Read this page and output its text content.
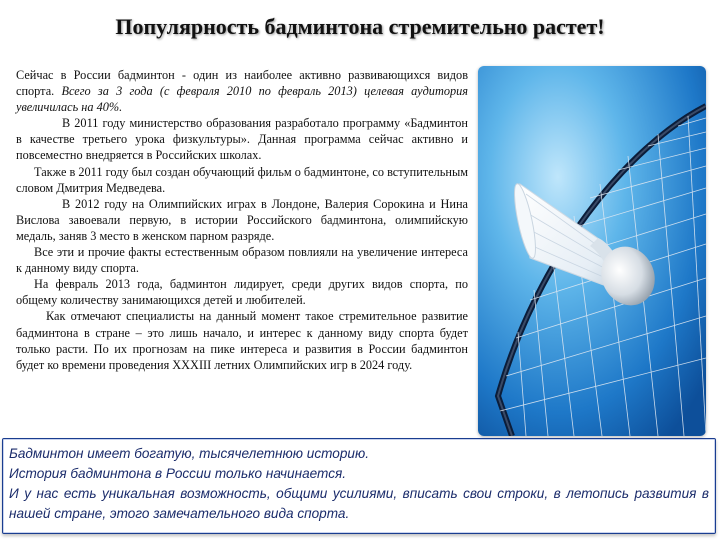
Популярность бадминтона стремительно растет!

Сейчас в России бадминтон - один из наиболее активно развивающихся видов спорта. Всего за 3 года (с февраля 2010 по февраль 2013) целевая аудитория увеличилась на 40%.

В 2011 году министерство образования разработало программу «Бадминтон в качестве третьего урока физкультуры». Данная программа сейчас активно и повсеместно внедряется в Российских школах.

Также в 2011 году был создан обучающий фильм о бадминтоне, со вступительным словом Дмитрия Медведева.

В 2012 году на Олимпийских играх в Лондоне, Валерия Сорокина и Нина Вислова завоевали первую, в истории Российского бадминтона, олимпийскую медаль, заняв 3 место в женском парном разряде.

Все эти и прочие факты естественным образом повлияли на увеличение интереса к данному виду спорта.

На февраль 2013 года, бадминтон лидирует, среди других видов спорта, по общему количеству занимающихся детей и любителей.

Как отмечают специалисты на данный момент такое стремительное развитие бадминтона в стране – это лишь начало, и интерес к данному виду спорта будет только расти. По их прогнозам на пике интереса и развития в России бадминтон будет ко времени проведения XXXIII летних Олимпийских игр в 2024 году.

Бадминтон имеет богатую, тысячелетнюю историю.

История бадминтона в России только начинается.

И у нас есть уникальная возможность, общими усилиями, вписать свои строки, в летопись развития в нашей стране, этого замечательного вида спорта.
